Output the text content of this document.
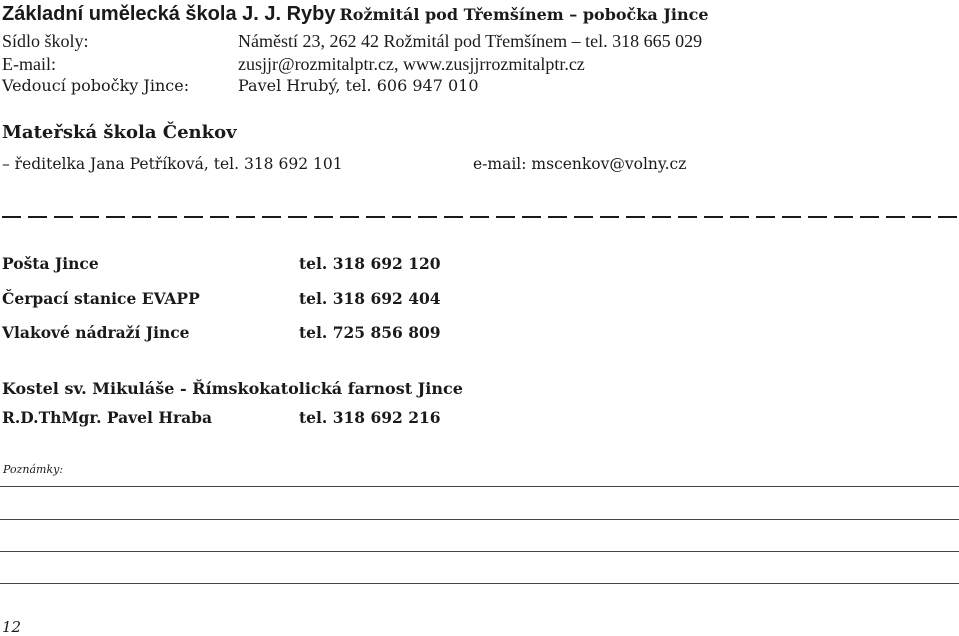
Základní umělecká škola J. J. Ryby Rožmitál pod Třemšínem – pobočka Jince
Sídlo školy:	Náměstí 23, 262 42 Rožmitál pod Třemšínem – tel. 318 665 029
E-mail:	zusjjr@rozmitalptr.cz, www.zusjjrrozmitalptr.cz
Vedoucí pobočky Jince:	Pavel Hrubý, tel. 606 947 010
Mateřská škola Čenkov
– ředitelka Jana Petříková, tel. 318 692 101	e-mail: mscenkov@volny.cz
Pošta Jince	tel. 318 692 120
Čerpací stanice EVAPP	tel. 318 692 404
Vlakové nádraží Jince	tel. 725 856 809
Kostel sv. Mikuláše - Římskokatolická farnost Jince
R.D.ThMgr. Pavel Hraba	tel. 318 692 216
Poznámky:
12
